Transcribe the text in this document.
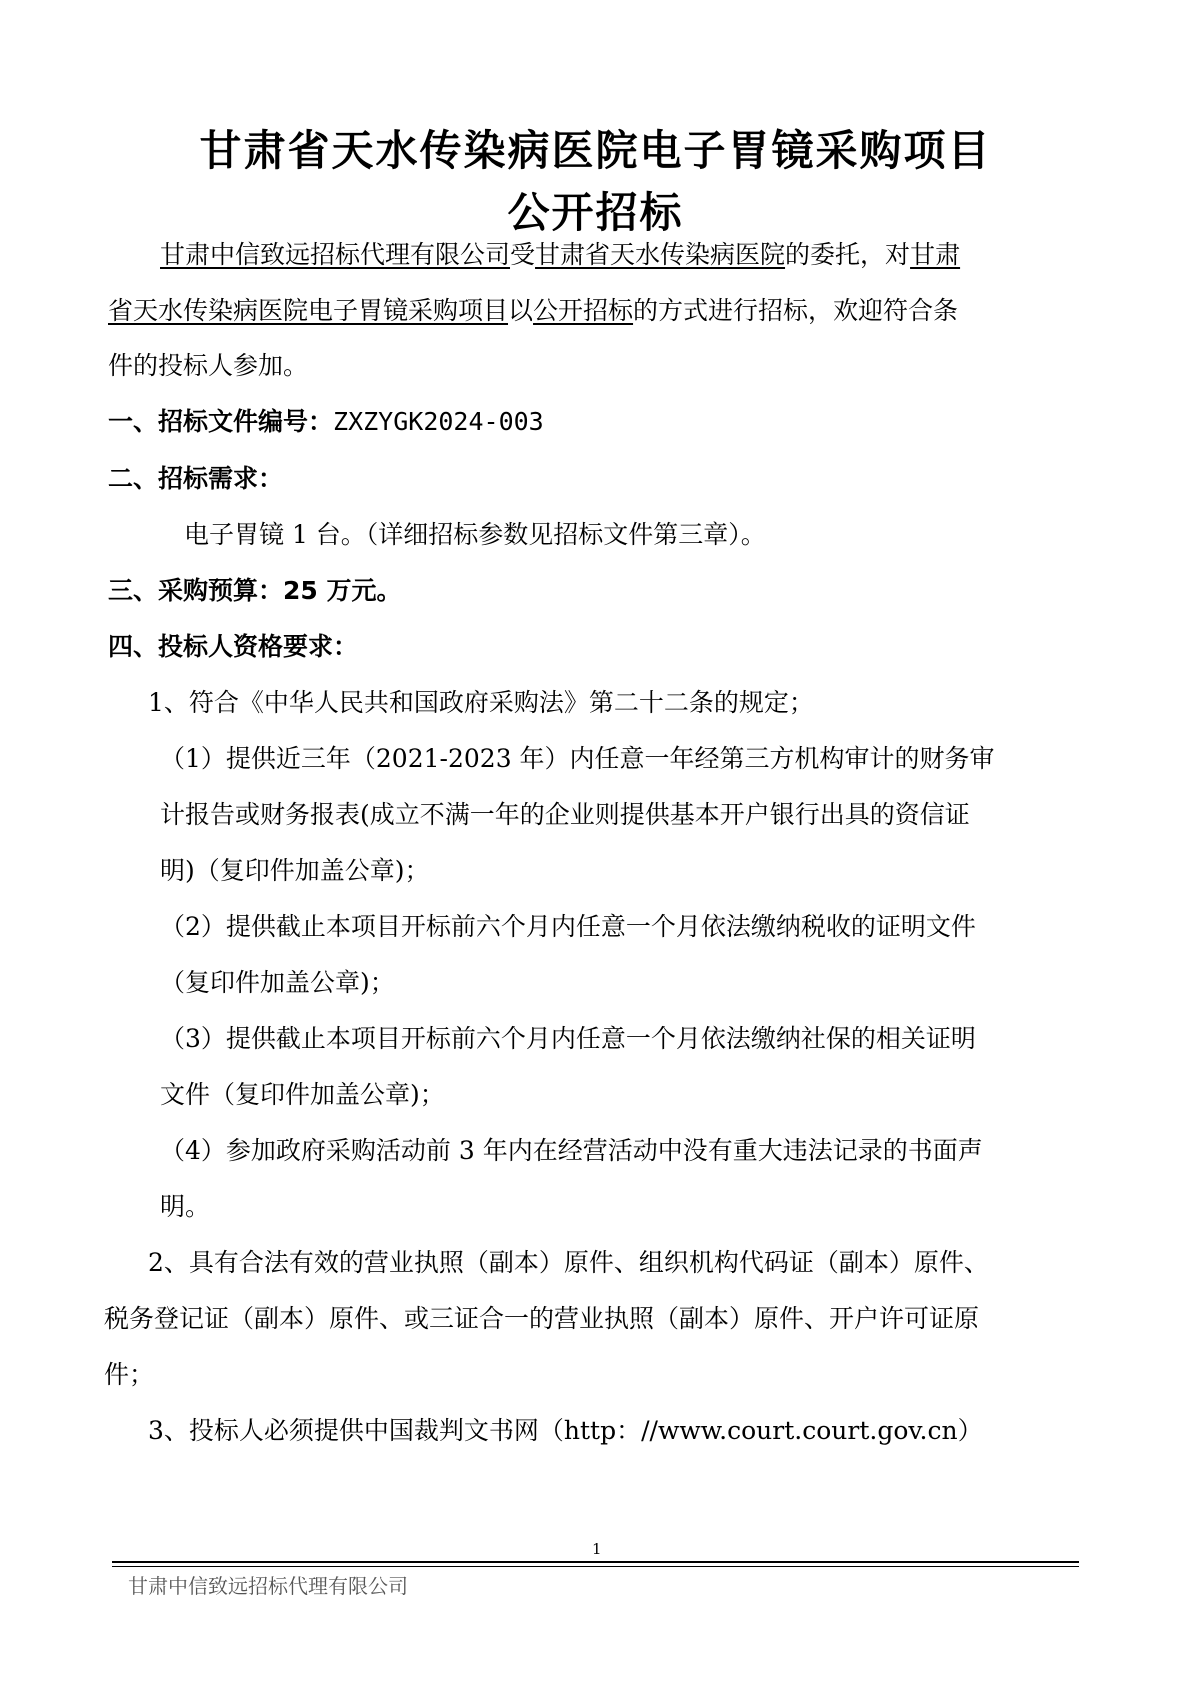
甘肃省天水传染病医院电子胃镜采购项目
公开招标
甘肃中信致远招标代理有限公司受甘肃省天水传染病医院的委托，对甘肃
省天水传染病医院电子胃镜采购项目以公开招标的方式进行招标，欢迎符合条
件的投标人参加。
一、招标文件编号：ZXZYGK2024-003
二、招标需求：
电子胃镜 1 台。（详细招标参数见招标文件第三章）。
三、采购预算：25 万元。
四、投标人资格要求：
1、符合《中华人民共和国政府采购法》第二十二条的规定；
（1）提供近三年（2021-2023 年）内任意一年经第三方机构审计的财务审
计报告或财务报表(成立不满一年的企业则提供基本开户银行出具的资信证
明)（复印件加盖公章)；
（2）提供截止本项目开标前六个月内任意一个月依法缴纳税收的证明文件
（复印件加盖公章)；
（3）提供截止本项目开标前六个月内任意一个月依法缴纳社保的相关证明
文件（复印件加盖公章)；
（4）参加政府采购活动前 3 年内在经营活动中没有重大违法记录的书面声
明。
2、具有合法有效的营业执照（副本）原件、组织机构代码证（副本）原件、
税务登记证（副本）原件、或三证合一的营业执照（副本）原件、开户许可证原
件；
3、投标人必须提供中国裁判文书网（http：//www.court.court.gov.cn）
1
甘肃中信致远招标代理有限公司
